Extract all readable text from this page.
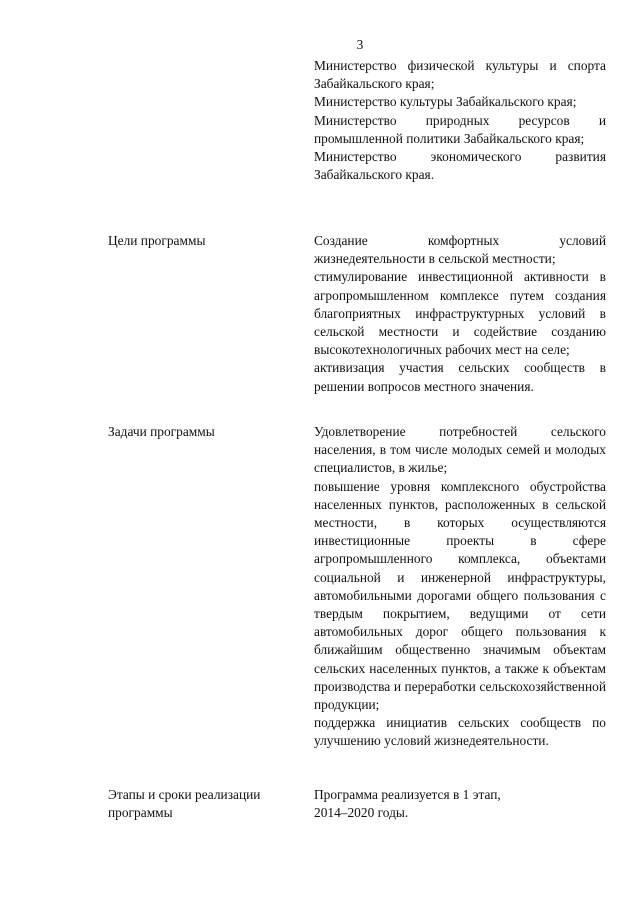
3

Министерство физической культуры и спорта Забайкальского края;

Министерство культуры Забайкальского края;

Министерство природных ресурсов и промышленной политики Забайкальского края;

Министерство экономического развития Забайкальского края.

Цели программы	Создание комфортных условий жизнедеятельности в сельской местности;

стимулирование инвестиционной активности в агропромышленном комплексе путем создания благоприятных инфраструктурных условий в сельской местности и содействие созданию высокотехнологичных рабочих мест на селе;

активизация участия сельских сообществ в решении вопросов местного значения.

Задачи программы	Удовлетворение потребностей сельского населения, в том числе молодых семей и молодых специалистов, в жилье;

повышение уровня комплексного обустройства населенных пунктов, расположенных в сельской местности, в которых осуществляются инвестиционные проекты в сфере агропромышленного комплекса, объектами социальной и инженерной инфраструктуры, автомобильными дорогами общего пользования с твердым покрытием, ведущими от сети автомобильных дорог общего пользования к ближайшим общественно значимым объектам сельских населенных пунктов, а также к объектам производства и переработки сельскохозяйственной продукции;

поддержка инициатив сельских сообществ по улучшению условий жизнедеятельности.

Этапы и сроки реализации программы

Программа реализуется в 1 этап,

2014–2020 годы.
